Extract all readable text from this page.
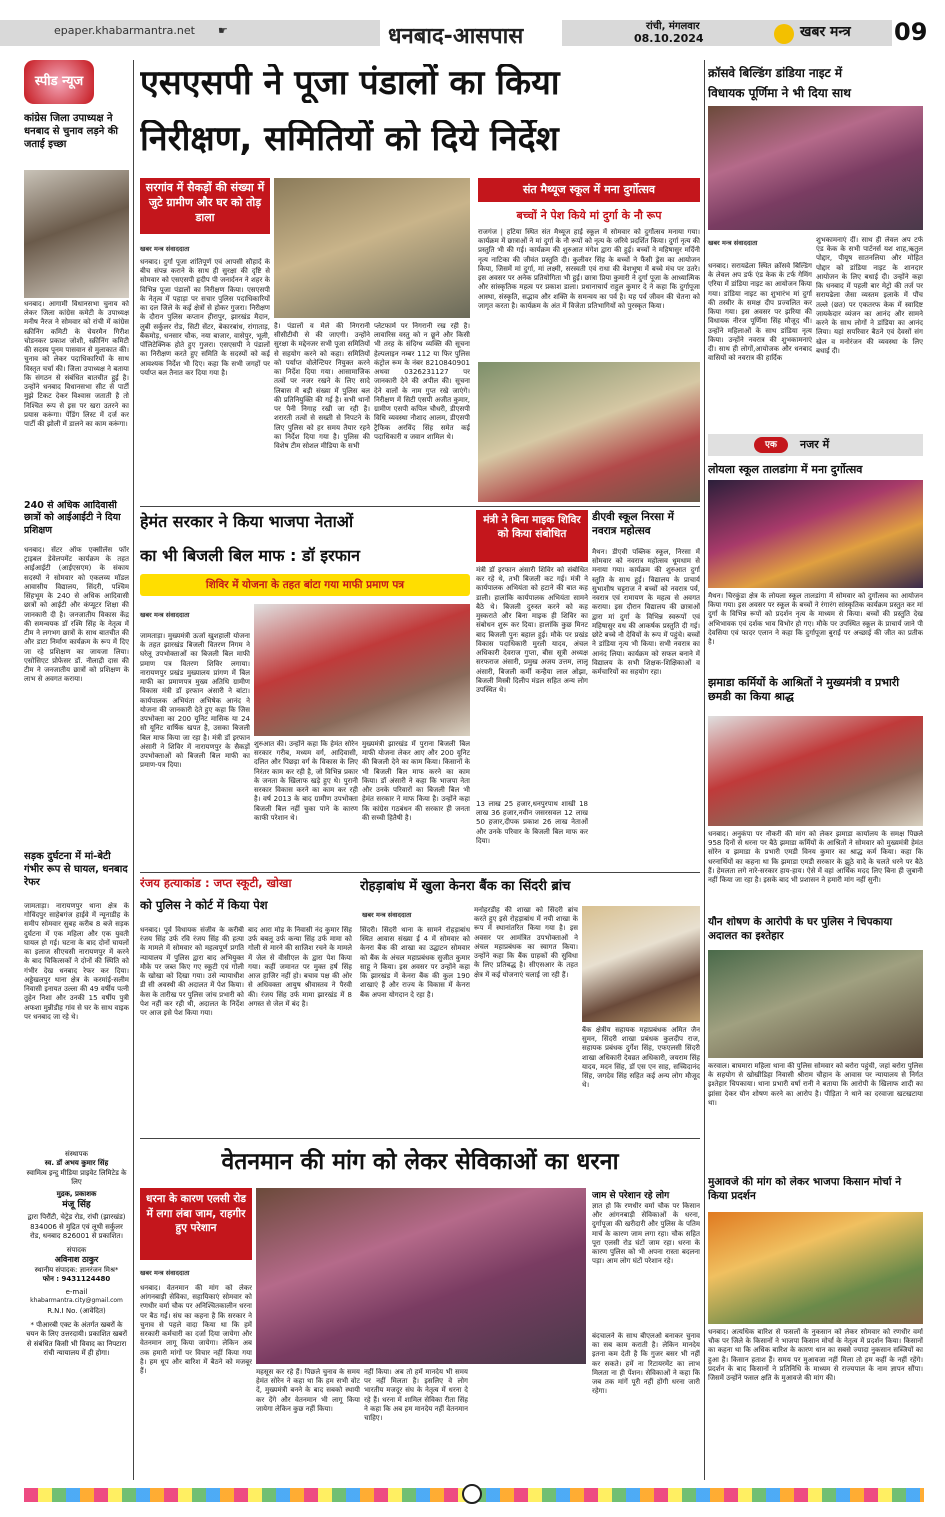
epaper.khabarmantra.net ☛	धनबाद-आसपास	रांची, मंगलवार
08.10.2024	खबर मन्त्र 09
स्पीड न्यूज
कांग्रेस जिला उपाध्यक्ष ने धनबाद से चुनाव लड़ने की जताई इच्छा
धनबाद। आगामी विधानसभा चुनाव को लेकर जिला कांग्रेस कमेटी के उपाध्यक्ष मनीष नैरज ने सोमवार को रांची में कांग्रेस स्क्रीनिंग कमिटी के चेयरमैन गिरीश चोडनकर प्रकाश जोशी, स्क्रीनिंग कमिटी की सदस्य पूनम पासवान से मुलाकात की। चुनाव को लेकर पदाधिकारियों के साथ विस्तृत चर्चा की। जिला उपाध्यक्ष ने बताया कि संगठन से संबंधित बातचीत हुई है। उन्होंने धनबाद विधानसभा सीट से पार्टी मुझे टिकट देकर विश्वास जताती है तो निश्चित रूप से इस पर खरा उतरने का प्रयास करूंगा। पेंडिंग लिस्ट में दर्ज कर पार्टी की झोली में डालने का काम करूंगा।
240 से अधिक आदिवासी छात्रों को आईआईटी ने दिया प्रशिक्षण
धनबाद। सेंटर ऑफ एक्सीलेंस फॉर ट्राइबल डेवेलपमेंट कार्यक्रम के तहत आईआईटी (आईएसएम) के संकाय सदस्यों ने सोमवार को एकलव्य मॉडल आवासीय विद्यालय, सिंदरी, पश्चिम सिंहभूम के 240 से अधिक आदिवासी छात्रों को आईटी और कंप्यूटर शिक्षा की जानकारी दी है। जनजातीय विकास केंद्र की समन्वयक डॉ रश्मि सिंह के नेतृत्व में टीम ने लगभग छात्रों के साथ बातचीत की और डाटा निर्माण कार्यक्रम के रूप में दिए जा रहे प्रशिक्षण का जायजा लिया। एसोसिएट प्रोफेसर डॉ. नीलाद्री दास की टीम ने जनजातीय छात्रों को प्रशिक्षण के लाभ से अवगत कराया।
सड़क दुर्घटना में मां-बेटी गंभीर रूप से घायल, धनबाद रेफर
जामताड़ा। नारायणपुर थाना क्षेत्र के गोविंदपुर साहेबगंज हाईवे में न्यूनाडीह के समीप सोमवार सुबह करीब 8 बजे सड़क दुर्घटना में एक महिला और एक युवती घायल हो गई। घटना के बाद दोनों घायलों का इलाज सीएचसी नारायणपुर में करने के बाद चिकित्सकों ने दोनों की स्थिति को गंभीर देख धनबाद रेफर कर दिया। अड्डेखलपुर थाना क्षेत्र के करमांई-सलीम निवासी इनायत उल्ला की 49 वर्षीय पत्नी तुहेन निशा और उनकी 15 वर्षीय पुत्री अफशा मुन्नीडीह गांव से घर के साथ वाइक पर धनबाद जा रहे थे।
संस्थापक
स्व. डॉ अभय कुमार सिंह
स्वामित्व इन्दु मीडिया प्राइवेट लिमिटेड के लिए
मुद्रक, प्रकाशक
मंजू सिंह
द्वारा पिरौंटी, चेट्रेड रोड, रांची (झारखंड) 834006 से मुद्रित एवं लूथी सर्कुलर रोड, धनबाद 826001 से प्रकाशित।
संपादक
अविनाश ठाकुर
स्थानीय संपादक: ज्ञानरंजन मिश्र*
फोन : 9431124480
e-mail
khabarmantra.city@gmail.com
R.N.I No. (आवेदित)
* पीआरबी एक्ट के अंतर्गत खबरों के चयन के लिए उत्तरदायी। प्रकाशित खबरों से संबंधित किसी भी विवाद का निपटारा रांची न्यायालय में ही होगा।
एसएसपी ने पूजा पंडालों का किया
निरीक्षण, समितियों को दिये निर्देश
सरगांव में सैकड़ों की संख्या में जुटे ग्रामीण और घर को तोड़ डाला
खबर मन्त्र संवाददाता
धनबाद। दुर्गा पूजा शांतिपूर्ण एवं आपसी सौहार्द के बीच संपन्न कराने के साथ ही सुरक्षा की दृष्टि से सोमवार को एसएसपी हृदीप पी जनार्दनन ने शहर के विभिन्न पूजा पंडालों का निरीक्षण किया। एसएसपी के नेतृत्व में पहाड़ा पर सचार पुलिस पदाधिकारियों का दल जिले के कई क्षेत्रों से होकर गुजरा। निरीक्षण के दौरान पुलिस कप्तान हीरापुर, झारखंड मैदान, लुबी सर्कुलर रोड, सिटी सेंटर, बेकारबांध, रांगाताड़, बैंकमोड़, धनसार चौक, नया बाजार, वासेपुर, भूली, पॉलिटेक्निक होते हुए गुजरा। एसएसपी ने पंडालों का निरीक्षण करते हुए समिति के सदस्यों को कई आवश्यक निर्देश भी दिए। कहा कि सभी जगहों पर पर्याप्त बल तैनात कर दिया गया है।
है। पंडालों व मेले की निगरानी सीसीटीवी से की जाएगी। उन्होंने सुरक्षा के मद्देनजर सभी पूजा समितियों से सहयोग करने को कहा। समितियों को पर्याप्त वोलेन्टियर नियुक्त करने का निर्देश दिया गया। आसामाजिक तत्वों पर नजर रखने के लिए सादे लिबास में बड़ी संख्या में पुलिस बल की प्रतिनियुक्ति की गई है। सभी थानों पर पैनी निगाह रखी जा रही है। शरारती तत्वों से सख्ती से निपटने के लिए पुलिस को हर समय तैयार रहने का निर्देश दिया गया है। पुलिस की विशेष टीम सोशल मीडिया के सभी
प्लेटफार्म पर निगरानी रख रही है। लावारिस वस्तु को न छूने और किसी भी तरह के संदिग्ध व्यक्ति की सूचना हेल्पलाइन नम्बर 112 या फिर पुलिस कंट्रोल रूम के नंबर 8210840901 अथवा 0326231127 पर जानकारी देने की अपील की। सूचना देने वालों के नाम गुप्त रखे जाएंगे। निरीक्षण में सिटी एसपी अजीत कुमार, ग्रामीण एसपी कपिल चौधरी, डीएसपी विधि व्यवस्था नौशाद आलम, डीएसपी ट्रैफिक अरविंद सिंह समेत कई पदाधिकारी व जवान शामिल थे।
संत मैथ्यूज स्कूल में मना दुर्गोत्सव
बच्चों ने पेश किये मां दुर्गा के नौ रूप
राजगंज | हटिया स्थित संत मैथ्यूज हाई स्कूल में सोमवार को दुर्गोत्सव मनाया गया। कार्यक्रम में छात्राओं ने मां दुर्गा के नौ रूपों को नृत्य के जरिये प्रदर्शित किया। दुर्गा नृत्य की प्रस्तुति भी की गई। कार्यक्रम की शुरुआत मंगेश द्वारा की हुई। बच्चों ने महिषासुर मर्दिनी नृत्य नाटिका की जीवंत प्रस्तुति दी। कुलीवर सिंह के बच्चों ने फैंसी ड्रेस का आयोजन किया, जिसमें मां दुर्गा, मां लक्ष्मी, सरस्वती एवं राधा की वेशभूषा में बच्चे मंच पर उतरे। इस अवसर पर अनेक प्रतियोगिता भी हुई। छात्रा प्रिया कुमारी ने दुर्गा पूजा के आध्यात्मिक और सांस्कृतिक महत्व पर प्रकाश डाला। प्रधानाचार्य राहुल कुमार दे ने कहा कि दुर्गापूजा आस्था, संस्कृति, सद्भाव और शक्ति के समन्वय का पर्व है। यह पर्व जीवन की चेतना को जागृत करता है। कार्यक्रम के अंत में विजेता प्रतिभागियों को पुरस्कृत किया।
क्रॉसवे बिल्डिंग डांडिया नाइट में
विधायक पूर्णिमा ने भी दिया साथ
खबर मन्त्र संवाददाता
धनबाद। सरायढेला स्थित क्रॉसवे बिल्डिंग के लेवल अप डर्फ एंड केक के टर्फ गेमिंग एरिया में डांडिया नाइट का आयोजन किया गया। डांडिया नाइट का शुभारंभ मां दुर्गा की तस्वीर के समक्ष दीप प्रज्वलित कर किया गया। इस अवसर पर झरिया की विधायक नीरज पूर्णिमा सिंह मौजूद थीं। उन्होंने महिलाओं के साथ डांडिया नृत्य किया। उन्होंने नवरात्र की शुभकामनाएं दी। साथ ही लोगों,आयोजक और धनबाद वासियों को नवरात्र की हार्दिक
शुभकामनाएं दीं। साथ ही लेवल अप टर्फ एंड केक के सभी पार्टनर्स यश शाह,ऋतुल पोद्दार, पीयूष सातनलिया और मोहित पोद्दार को डांडिया नाइट के शानदार आयोजन के लिए बधाई दी। उन्होंने कहा कि धनबाद में पहली बार मेट्रो की तर्ज पर सरायढेला जैसा व्यस्तम इलाके में पौंच तल्ले (छत) पर एकतरफ केक में स्वादिष्ट जायकेदार व्यंजन का आनंद और सामने करने के साथ लोगों ने डांडिया का आनंद लिया। यहां सपरिवार बैठने एवं देवसों संग खेल व मनोरंजन की व्यवस्था के लिए बधाई दी।
एक	नजर में
लोयला स्कूल तालडांगा में मना दुर्गोत्सव
मैथन। चिरकुंडा क्षेत्र के लोयला स्कूल तालडांगा में सोमवार को दुर्गोत्सव का आयोजन किया गया। इस अवसर पर स्कूल के बच्चों ने रंगारंग सांस्कृतिक कार्यक्रम प्रस्तुत कर मां दुर्गा के विभिन्न रूपों को प्रदर्शन नृत्य के माध्यम से किया। बच्चों की प्रस्तुति देख अभिभावक एवं दर्शक भाव विभोर हो गए। मौके पर उपस्थित स्कूल के प्राचार्य जाने पी देवसिया एवं फादर एलान ने कहा कि दुर्गापूजा बुराई पर अच्छाई की जीत का प्रतीक है।
झमाडा कर्मियों के आश्रितों ने मुख्यमंत्री व प्रभारी छमडी का किया श्राद्ध
धनबाद। अनुकंपा पर नौकरी की मांग को लेकर झमाडा कार्यालय के समक्ष पिछले 958 दिनों से धरना पर बैठे झमाडा कर्मियों के आश्रितों ने सोमवार को मुख्यमंत्री हेमंत सोरेन व झमाडा के प्रभारी एमडी विनय कुमार का श्राद्ध कर्म किया। कहा कि धरनार्थियों का कहना था कि झमाडा एमडी सरकार के झूठे वादे के चलते धरने पर बैठे हैं। हेमलता लगे नारे-सरकार हाय-हाय। ऐसे में वहां आर्थिक मदद लिए बिना ही जुबानी नहीं किया जा रहा है। इसके बाद भी प्रशासन ने हमारी मांग नहीं सुनी।
यौन शोषण के आरोपी के घर पुलिस ने चिपकाया अदालत का इश्तेहार
करवाल। बाघमारा महिला थाना की पुलिस सोमवार को बरोरा पहुंची, जहां बरोरा पुलिस के सहयोग से खोखीडिहा निवासी श्रीराम चौहान के आवास पर न्यायालय से निर्गत इश्तेहार चिपकाया। थाना प्रभारी वर्षा रानी ने बताया कि आरोपी के खिलाफ शादी का झांसा देकर यौन शोषण करने का आरोप है। पीड़िता ने थाने का दरवाजा खटखटाया था।
मुआवजे की मांग को लेकर भाजपा किसान मोर्चा ने किया प्रदर्शन
धनबाद। अत्यधिक बारिश से फसलों के नुकसान को लेकर सोमवार को रणधीर वर्मा चौक पर जिले के किसानों ने भाजपा किसान मोर्चा के नेतृत्व में प्रदर्शन किया। किसानों का कहना था कि अधिक बारिश के कारण धान का सबसे ज्यादा नुकसान सब्जियों का हुआ है। किसान हताश हैं। समय पर मुआवजा नहीं मिला तो हम कहीं के नहीं रहेंगे। प्रदर्शन के बाद किसानों ने प्रतिनिधि के माध्यम से राज्यपाल के नाम ज्ञापन सौंपा। जिसमें उन्होंने फसल क्षति के मुआवजे की मांग की।
हेमंत सरकार ने किया भाजपा नेताओं
का भी बिजली बिल माफ : डॉ इरफान
शिविर में योजना के तहत बांटा गया माफी प्रमाण पत्र
खबर मन्त्र संवाददाता
जामताड़ा। मुख्यमंत्री ऊर्जा खुशहाली योजना के तहत झारखंड बिजली वितरण निगम ने घरेलू उपभोक्ताओं का बिजली बिल माफी प्रमाण पत्र वितरण शिविर लगाया। नारायणपुर प्रखंड मुख्यालय प्रांगण में बिल माफी का प्रमाणपत्र मुख्य अतिथि ग्रामीण विकास मंत्री डॉ इरफान अंसारी ने बांटा। कार्यपालक अभियंता अभिषेक आनंद ने योजना की जानकारी देते हुए कहा कि जिस उपभोक्ता का 200 यूनिट मासिक या 24 सौ यूनिट वार्षिक खपत है, उसका बिजली बिल माफ किया जा रहा है। मंत्री डॉ इरफान अंसारी ने शिविर में नारायणपुर के सैकड़ों उपभोक्ताओं को बिजली बिल माफी का प्रमाण-पत्र दिया।
शुरुआत की। उन्होंने कहा कि हेमंत सोरेन सरकार गरीब, मध्यम वर्ग, आदिवासी, दलित और पिछड़ा वर्ग के विकास के लिए निरंतर काम कर रही है, जो विभिन्न प्रकार के जनता के खिलाफ खड़े हुए थे। पुरानी सरकार विकास करने का काम कर रही है। वर्ष 2013 के बाद ग्रामीण उपभोक्ता बिजली बिल नहीं चुका पाने के कारण काफी परेशान थे।
मुख्यमंत्री झारखंड में पुराना बिजली बिल माफी योजना लेकर आए और 200 यूनिट की बिजली देने का काम किया। किसानों के भी बिजली बिल माफ करने का काम किया। डॉ अंसारी ने कहा कि भाजपा नेता और उनके परिवारों का बिजली बिल भी हेमंत सरकार ने माफ किया है। उन्होंने कहा कि कांग्रेस गठबंधन की सरकार ही जनता की सच्ची हितैषी है।
मंत्री ने बिना माइक शिविर को किया संबोधित
मंत्री डॉ इरफान अंसारी शिविर को संबोधित कर रहे थे, तभी बिजली कट गई। मंत्री ने कार्यपालक अभियंता को हटाने की बात कह डाली। हालांकि कार्यपालक अभियंता सामने बैठे थे। बिजली दुरुस्त करने को कह मुस्कराते और बिना माइक ही शिविर का संबोधन शुरू कर दिया। हालांकि कुछ मिनट बाद बिजली पुनः बहाल हुई। मौके पर प्रखंड विकास पदाधिकारी मुरली यादव, अंचल अधिकारी देवराज गुप्ता, बीस सूत्री अध्यक्ष सरफराज अंसारी, प्रमुख अजय उत्तम, लालू अंसारी, बिजली कर्मी कन्हैया लाल ओझा, बिजली मिस्त्री दिलीप मंडल सहित अन्य लोग उपस्थित थे।
13 लाख 25 हजार,धनपुरपाथ शाखी 18 लाख 36 हजार,नवीन जसरसवल 12 लाख 50 हजार,दीपक प्रकाश 26 लाख नेताओं और उनके परिवार के बिजली बिल माफ कर दिया।
डीएवी स्कूल निरसा में नवरात्र महोत्सव
मैथन। डीएवी पब्लिक स्कूल, निरसा में सोमवार को नवरात्र महोत्सव धूमधाम से मनाया गया। कार्यक्रम की शुरुआत दुर्गा स्तुति के साथ हुई। विद्यालय के प्राचार्य सुभाशीष चट्टराज ने बच्चों को नवरात्र पर्व, नवरात्र एवं रामायण के महत्व से अवगत कराया। इस दौरान विद्यालय की छात्राओं द्वारा मां दुर्गा के विभिन्न स्वरूपों एवं महिषासुर वध की आकर्षक प्रस्तुति दी गई। छोटे बच्चे नौ देवियों के रूप में पहुंचे। बच्चों ने डांडिया नृत्य भी किया। सभी नवरात्र का आनंद लिया। कार्यक्रम को सफल बनाने में विद्यालय के सभी शिक्षक-शिक्षिकाओं व कर्मचारियों का सहयोग रहा।
रंजय हत्याकांड : जप्त स्कूटी, खोखा
को पुलिस ने कोर्ट में किया पेश
धनबाद। पूर्व विधायक संजीव के करीबी रंजय सिंह उर्फ रवि रंजय सिंह की हत्या के मामले में सोमवार को महत्वपूर्ण प्रगति न्यायालय में पुलिस द्वारा बाद अभियुक्त मौके पर जब्त किए गए स्कूटी एवं गोली के खोखा को दिखा गया। उसे न्यायाधीश डी सी अवस्थी की अदालत में पेश किया। केस के तारीख पर पुलिस जांच प्रभारी को पेश नहीं कर रही थी, अदालत के निर्देश पर आज इसे पेश किया गया।
बाद आरा मोड़ के निवासी नंद कुमार सिंह उर्फ बबलू उर्फ कन्या सिंह उर्फ मामा को गोली से मारने की साजिश रचने के मामले में जेल से वीसीएल के द्वारा पेश किया गया। कहीं जमानत पर मुक्त हर्ष सिंह आज हाजिर नहीं हो। बचाव पक्ष की ओर से अधिवक्ता आयुष श्रीवास्तव ने पैरवी की। रंजय सिंह उर्फ मामा झारखंड में 8 अगस्त से जेल में बंद है।
रोहड़ाबांध में खुला केनरा बैंक का सिंदरी ब्रांच
खबर मन्त्र संवाददाता
सिंदरी। सिंदरी थाना के सामने रोहड़ाबांध स्थित आवास संख्या ई 4 में सोमवार को केनरा बैंक की शाखा का उद्घाटन सोमवार को बैंक के अंचल महाप्रबंधक सुजीत कुमार साहू ने किया। इस अवसर पर उन्होंने कहा कि झारखंड में केनरा बैंक की कुल 190 शाखाएं हैं और राज्य के विकास में केनरा बैंक अपना योगदान दे रहा है।
मनोहरडीह की शाखा को सिंदरी ब्रांच करते हुए इसे रोहड़ाबांध में नयी शाखा के रूप में स्थानांतरित किया गया है। इस अवसर पर आमंत्रित उपभोक्ताओं ने अंचल महाप्रबंधक का स्वागत किया। उन्होंने कहा कि बैंक ग्राहकों की सुविधा के लिए प्रतिबद्ध है। सीएसआर के तहत क्षेत्र में कई योजनाएं चलाई जा रही हैं।
बैंक क्षेत्रीय सहायक महाप्रबंधक अमित जैन सुमन, सिंदरी शाखा प्रबंधक कुलदीप राज, सहायक प्रबंधक दुर्गेश सिंह, एफएलसी सिंदरी शाखा अधिकारी देवव्रत अधिकारी, जयराम सिंह यादव, मदन सिंह, डॉ एस एन साह, सच्चिदानंद सिंह, जगदेव सिंह सहित कई अन्य लोग मौजूद थे।
वेतनमान की मांग को लेकर सेविकाओं का धरना
धरना के कारण एलसी रोड में लगा लंबा जाम, राहगीर हुए परेशान
खबर मन्त्र संवाददाता
धनबाद। वेतनमान की मांग को लेकर आंगनबाड़ी सेविका, सहायिकाएं सोमवार को रणधीर वर्मा चौक पर अनिश्चितकालीन धरना पर बैठ गईं। संघ का कहना है कि सरकार ने चुनाव से पहले वादा किया था कि हमें सरकारी कर्मचारी का दर्जा दिया जायेगा और वेतनमान लागू किया जायेगा। लेकिन अब तक हमारी मांगों पर विचार नहीं किया गया है। हम धूप और बारिश में बैठने को मजबूर हैं।	महसूस कर रहे हैं। पिछले चुनाव के समय हेमंत सोरेन ने कहा था कि हम सभी वोट दें, मुख्यमंत्री बनने के बाद सबको स्थायी कर देंगे और वेतनमान भी लागू किया जायेगा लेकिन कुछ नहीं किया।
नहीं किया। अब तो हमें मानदेय भी समय पर नहीं मिलता है। इसलिए वे लोग भारतीय मजदूर संघ के नेतृत्व में धरना दे रहे हैं। धरना में शामिल सेविका रीता सिंह ने कहा कि अब हम मानदेय नहीं वेतनमान चाहिए।
जाम से परेशान रहे लोग
ज्ञात हो कि रणधीर वर्मा चौक पर किसान और आंगनबाड़ी सेविकाओं के धरना, दुर्गापूजा की खरीदारी और पुलिस के पतिम मार्च के कारण जाम लगा रहा। चौक सहित पूरा एलसी रोड घंटों जाम रहा। धरना के कारण पुलिस को भी अपना रास्ता बदलना पड़ा। आम लोग घंटों परेशान रहे।
बंदचालने के साथ बीएलओ बनाकर चुनाव का सब काम कराती है। लेकिन मानदेय इतना कम देती है कि गुजर बसर भी नहीं कर सकते। हमें ना रिटायरमेंट का लाभ मिलता ना ही पेंशन। सेविकाओं ने कहा कि जब तक मांगें पूरी नहीं होंगी धरना जारी रहेगा।
